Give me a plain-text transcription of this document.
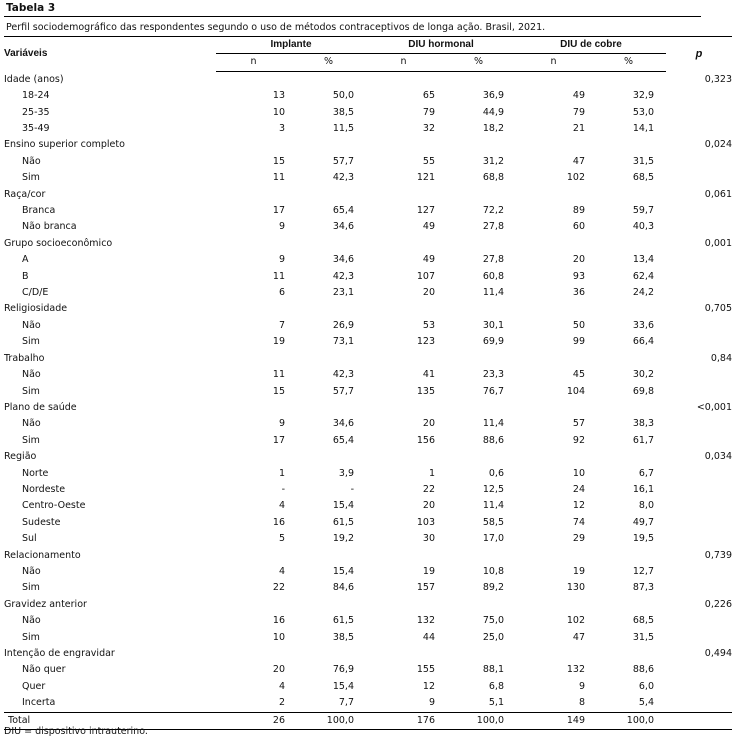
Tabela 3
Perfil sociodemográfico das respondentes segundo o uso de métodos contraceptivos de longa ação. Brasil, 2021.
Variáveis	Implante		DIU hormonal		DIU de cobre		p
	n	%	n	%	n	%	
Idade (anos)							0,323
18-24	13	50,0	65	36,9	49	32,9	
25-35	10	38,5	79	44,9	79	53,0	
35-49	3	11,5	32	18,2	21	14,1	
Ensino superior completo							0,024
Não	15	57,7	55	31,2	47	31,5	
Sim	11	42,3	121	68,8	102	68,5	
Raça/cor							0,061
Branca	17	65,4	127	72,2	89	59,7	
Não branca	9	34,6	49	27,8	60	40,3	
Grupo socioeconômico							0,001
A	9	34,6	49	27,8	20	13,4	
B	11	42,3	107	60,8	93	62,4	
C/D/E	6	23,1	20	11,4	36	24,2	
Religiosidade							0,705
Não	7	26,9	53	30,1	50	33,6	
Sim	19	73,1	123	69,9	99	66,4	
Trabalho							0,84
Não	11	42,3	41	23,3	45	30,2	
Sim	15	57,7	135	76,7	104	69,8	
Plano de saúde							<0,001
Não	9	34,6	20	11,4	57	38,3	
Sim	17	65,4	156	88,6	92	61,7	
Região							0,034
Norte	1	3,9	1	0,6	10	6,7	
Nordeste	-	-	22	12,5	24	16,1	
Centro-Oeste	4	15,4	20	11,4	12	8,0	
Sudeste	16	61,5	103	58,5	74	49,7	
Sul	5	19,2	30	17,0	29	19,5	
Relacionamento							0,739
Não	4	15,4	19	10,8	19	12,7	
Sim	22	84,6	157	89,2	130	87,3	
Gravidez anterior							0,226
Não	16	61,5	132	75,0	102	68,5	
Sim	10	38,5	44	25,0	47	31,5	
Intenção de engravidar							0,494
Não quer	20	76,9	155	88,1	132	88,6	
Quer	4	15,4	12	6,8	9	6,0	
Incerta	2	7,7	9	5,1	8	5,4	
Total	26	100,0	176	100,0	149	100,0	
DIU = dispositivo intrauterino.
